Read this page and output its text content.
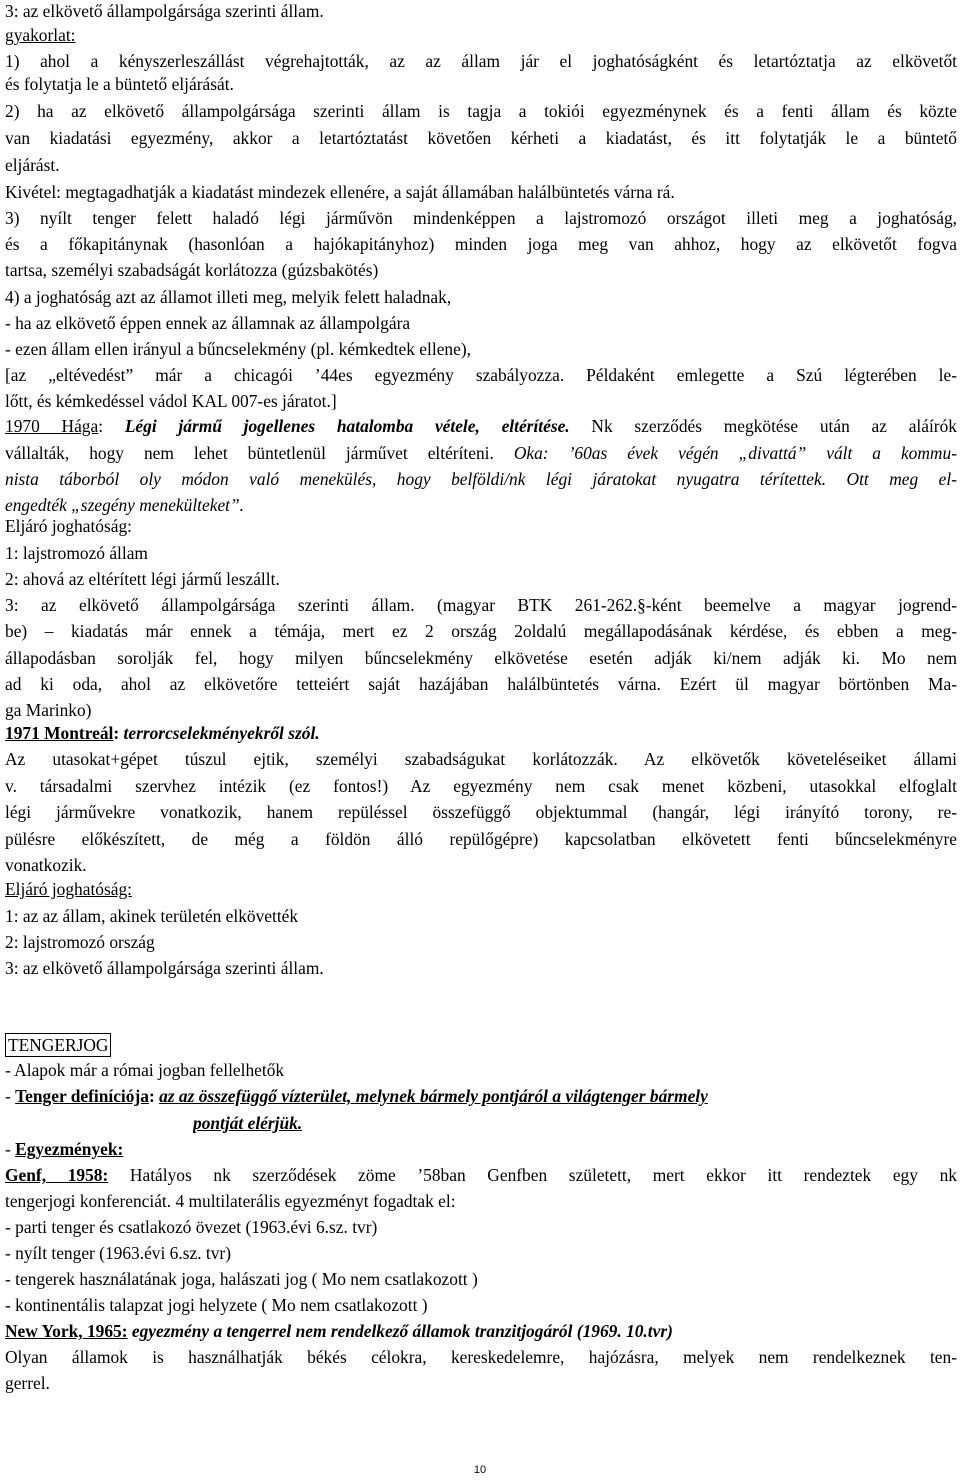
3: az elkövető állampolgársága szerinti állam.
gyakorlat:
1) ahol a kényszerleszállást végrehajtották, az az állam jár el joghatóságként és letartóztatja az elkövetőt
és folytatja le a büntető eljárását.
2) ha az elkövető állampolgársága szerinti állam is tagja a tokiói egyezménynek és a fenti állam és közte
van kiadatási egyezmény, akkor a letartóztatást követően kérheti a kiadatást, és itt folytatják le a büntető
eljárást.
Kivétel: megtagadhatják a kiadatást mindezek ellenére, a saját államában halálbüntetés várna rá.
3) nyílt tenger felett haladó légi járművön mindenképpen a lajstromozó országot illeti meg a joghatóság,
és a főkapitánynak (hasonlóan a hajókapitányhoz) minden joga meg van ahhoz, hogy az elkövetőt fogva
tartsa, személyi szabadságát korlátozza (gúzsbakötés)
4) a joghatóság azt az államot illeti meg, melyik felett haladnak,
- ha az elkövető éppen ennek az államnak az állampolgára
- ezen állam ellen irányul a bűncselekmény (pl. kémkedtek ellene),
[az „eltévedést” már a chicagói ’44es egyezmény szabályozza. Példaként emlegette a Szú légterében le-
lőtt, és kémkedéssel vádol KAL 007-es járatot.]
1970 Hága: Légi jármű jogellenes hatalomba vétele, eltérítése. Nk szerződés megkötése után az aláírók
vállalták, hogy nem lehet büntetlenül járművet eltéríteni. Oka: ’60as évek végén „divattá” vált a kommu-
nista táborból oly módon való menekülés, hogy belföldi/nk légi járatokat nyugatra térítettek. Ott meg el-
engedték „szegény menekülteket”.
Eljáró joghatóság:
1: lajstromozó állam
2: ahová az eltérített légi jármű leszállt.
3: az elkövető állampolgársága szerinti állam. (magyar BTK 261-262.§-ként beemelve a magyar jogrend-
be) – kiadatás már ennek a témája, mert ez 2 ország 2oldalú megállapodásának kérdése, és ebben a meg-
állapodásban sorolják fel, hogy milyen bűncselekmény elkövetése esetén adják ki/nem adják ki. Mo nem
ad ki oda, ahol az elkövetőre tetteiért saját hazájában halálbüntetés várna. Ezért ül magyar börtönben Ma-
ga Marinko)
1971 Montreál: terrorcselekményekről szól.
Az utasokat+gépet túszul ejtik, személyi szabadságukat korlátozzák. Az elkövetők követeléseiket állami
v. társadalmi szervhez intézik (ez fontos!) Az egyezmény nem csak menet közbeni, utasokkal elfoglalt
légi járművekre vonatkozik, hanem repüléssel összefüggő objektummal (hangár, légi irányító torony, re-
pülésre előkészített, de még a földön álló repülőgépre) kapcsolatban elkövetett fenti bűncselekményre
vonatkozik.
Eljáró joghatóság:
1: az az állam, akinek területén elkövették
2: lajstromozó ország
3: az elkövető állampolgársága szerinti állam.
TENGERJOG
- Alapok már a római jogban fellelhetők
- Tenger definíciója: az az összefüggő vízterület, melynek bármely pontjáról a világtenger bármely
pontját elérjük.
- Egyezmények:
Genf, 1958: Hatályos nk szerződések zöme ’58ban Genfben született, mert ekkor itt rendeztek egy nk
tengerjogi konferenciát. 4 multilaterális egyezményt fogadtak el:
- parti tenger és csatlakozó övezet (1963.évi 6.sz. tvr)
- nyílt tenger (1963.évi 6.sz. tvr)
- tengerek használatának joga, halászati jog ( Mo nem csatlakozott )
- kontinentális talapzat jogi helyzete ( Mo nem csatlakozott )
New York, 1965: egyezmény a tengerrel nem rendelkező államok tranzitjogáról (1969. 10.tvr)
Olyan államok is használhatják békés célokra, kereskedelemre, hajózásra, melyek nem rendelkeznek ten-
gerrel.
10
